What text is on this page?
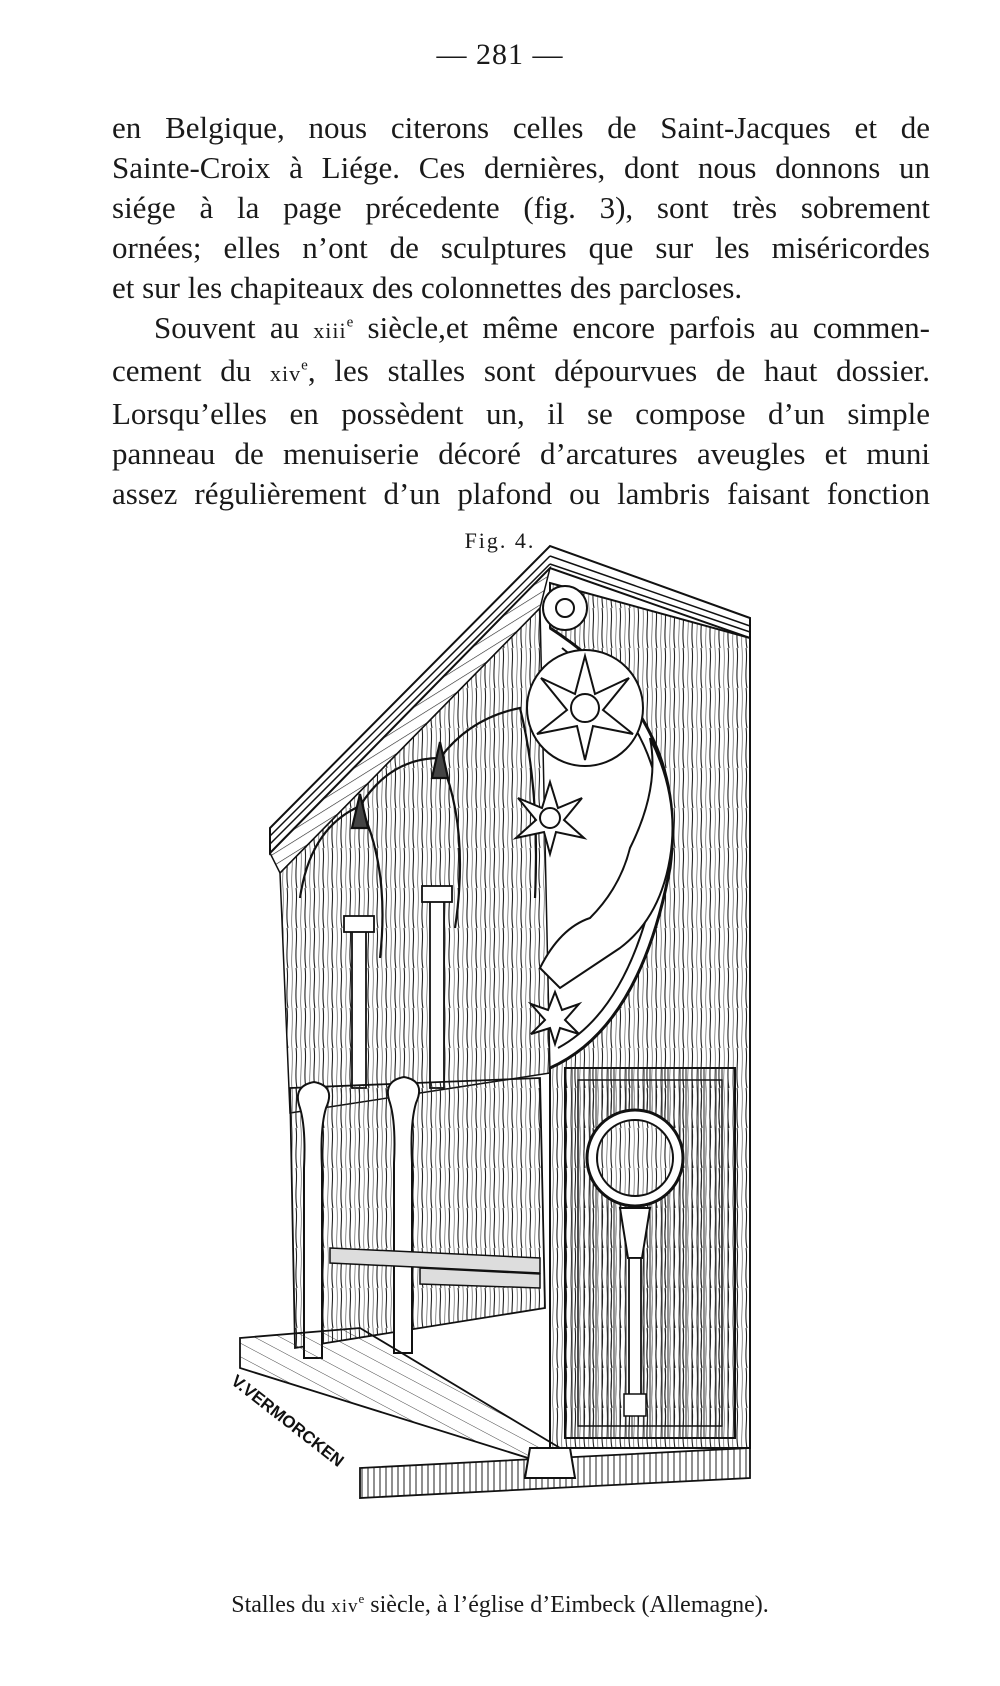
— 281 —
en Belgique, nous citerons celles de Saint-Jacques et de
Sainte-Croix à Liége. Ces dernières, dont nous donnons un
siége à la page précedente (fig. 3), sont très sobrement
ornées; elles n’ont de sculptures que sur les miséricordes
et sur les chapiteaux des colonnettes des parcloses.
Souvent au xiii$^e$ siècle,et même encore parfois au commen-
cement du xiv$^e$, les stalles sont dépourvues de haut dossier.
Lorsqu’elles en possèdent un, il se compose d’un simple
panneau de menuiserie décoré d’arcatures aveugles et muni
assez régulièrement d’un plafond ou lambris faisant fonction
Fig. 4.
V.VERMORCKEN
Stalles du xiv$^e$ siècle, à l’église d’Eimbeck (Allemagne).
